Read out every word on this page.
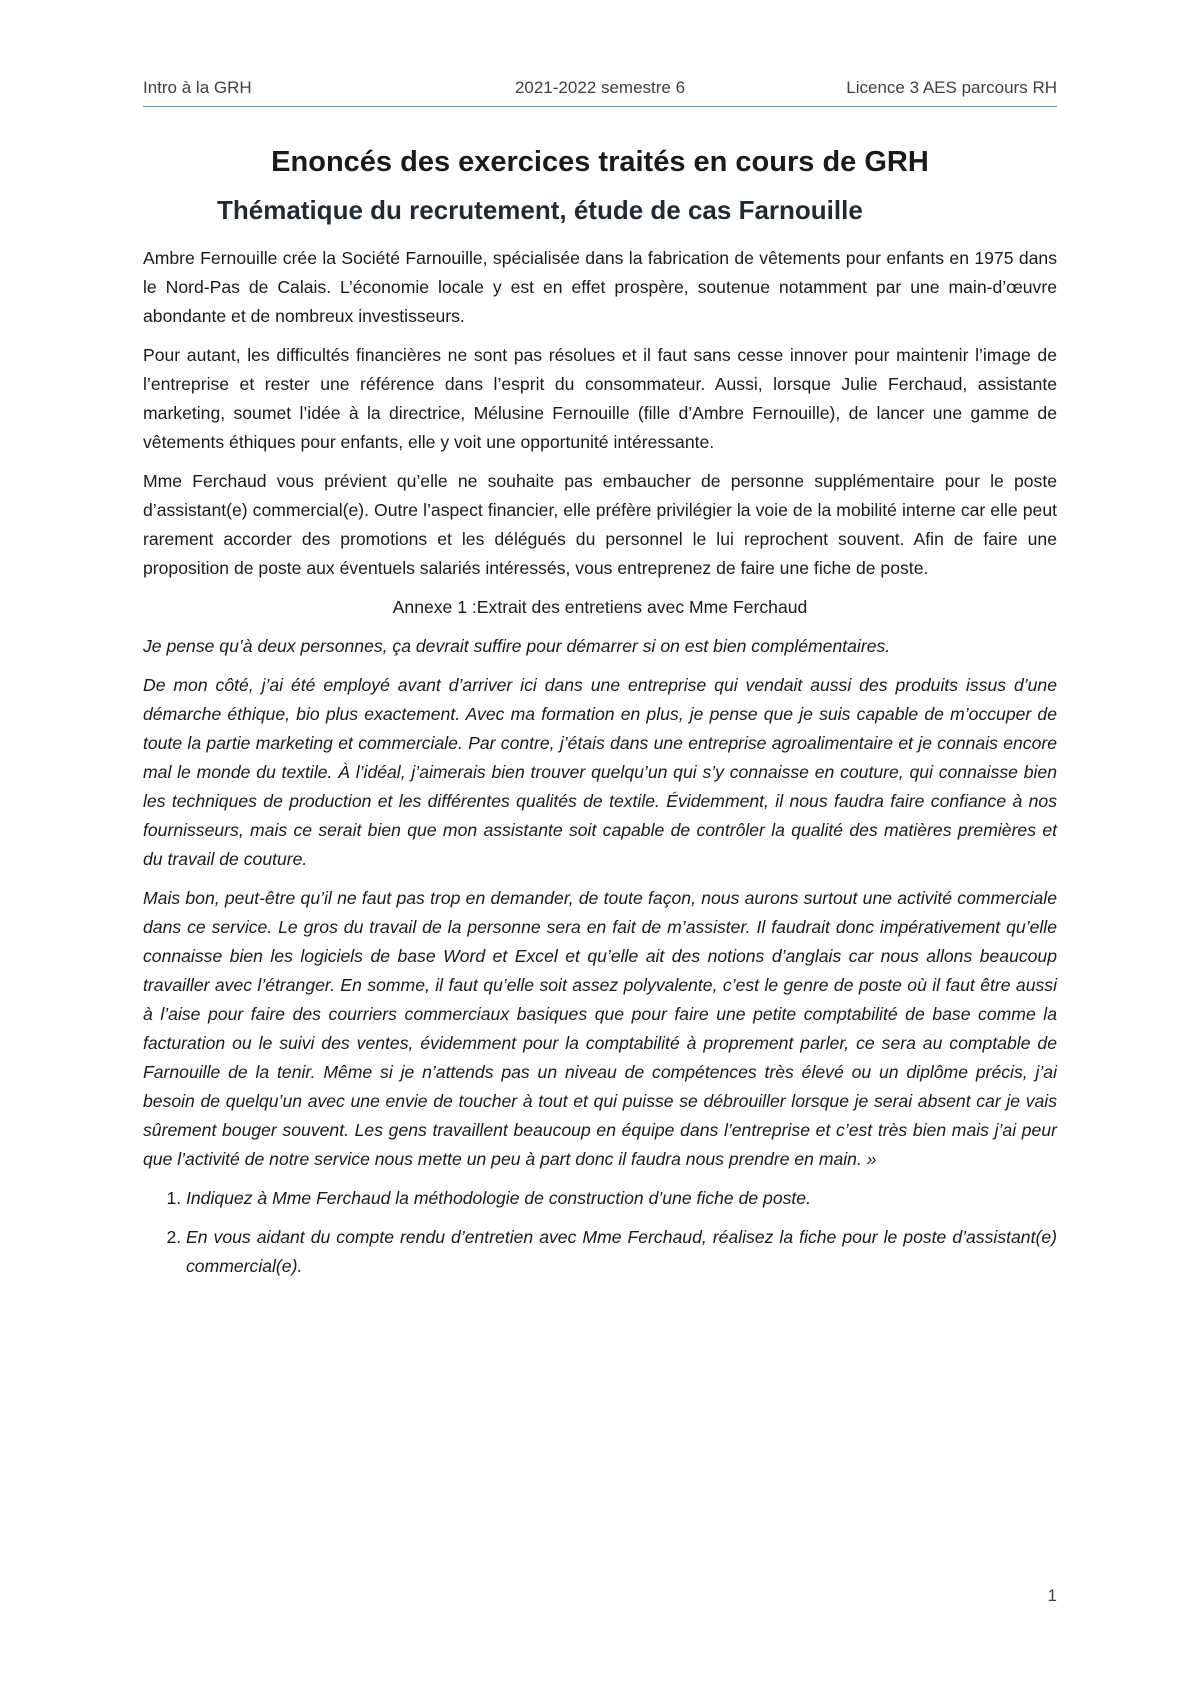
Intro à la GRH	2021-2022 semestre 6	Licence 3 AES parcours RH
Enoncés des exercices traités en cours de GRH
Thématique du recrutement, étude de cas Farnouille

Ambre Fernouille crée la Société Farnouille, spécialisée dans la fabrication de vêtements pour enfants en 1975 dans le Nord-Pas de Calais. L’économie locale y est en effet prospère, soutenue notamment par une main-d’œuvre abondante et de nombreux investisseurs.

Pour autant, les difficultés financières ne sont pas résolues et il faut sans cesse innover pour maintenir l’image de l’entreprise et rester une référence dans l’esprit du consommateur. Aussi, lorsque Julie Ferchaud, assistante marketing, soumet l’idée à la directrice, Mélusine Fernouille (fille d’Ambre Fernouille), de lancer une gamme de vêtements éthiques pour enfants, elle y voit une opportunité intéressante.

Mme Ferchaud vous prévient qu’elle ne souhaite pas embaucher de personne supplémentaire pour le poste d’assistant(e) commercial(e). Outre l’aspect financier, elle préfère privilégier la voie de la mobilité interne car elle peut rarement accorder des promotions et les délégués du personnel le lui reprochent souvent. Afin de faire une proposition de poste aux éventuels salariés intéressés, vous entreprenez de faire une fiche de poste.

Annexe 1 :Extrait des entretiens avec Mme Ferchaud

Je pense qu’à deux personnes, ça devrait suffire pour démarrer si on est bien complémentaires.

De mon côté, j’ai été employé avant d’arriver ici dans une entreprise qui vendait aussi des produits issus d’une démarche éthique, bio plus exactement. Avec ma formation en plus, je pense que je suis capable de m’occuper de toute la partie marketing et commerciale. Par contre, j’étais dans une entreprise agroalimentaire et je connais encore mal le monde du textile. À l’idéal, j’aimerais bien trouver quelqu’un qui s’y connaisse en couture, qui connaisse bien les techniques de production et les différentes qualités de textile. Évidemment, il nous faudra faire confiance à nos fournisseurs, mais ce serait bien que mon assistante soit capable de contrôler la qualité des matières premières et du travail de couture.

Mais bon, peut-être qu’il ne faut pas trop en demander, de toute façon, nous aurons surtout une activité commerciale dans ce service. Le gros du travail de la personne sera en fait de m’assister. Il faudrait donc impérativement qu’elle connaisse bien les logiciels de base Word et Excel et qu’elle ait des notions d’anglais car nous allons beaucoup travailler avec l’étranger. En somme, il faut qu’elle soit assez polyvalente, c’est le genre de poste où il faut être aussi à l’aise pour faire des courriers commerciaux basiques que pour faire une petite comptabilité de base comme la facturation ou le suivi des ventes, évidemment pour la comptabilité à proprement parler, ce sera au comptable de Farnouille de la tenir. Même si je n’attends pas un niveau de compétences très élevé ou un diplôme précis, j’ai besoin de quelqu’un avec une envie de toucher à tout et qui puisse se débrouiller lorsque je serai absent car je vais sûrement bouger souvent. Les gens travaillent beaucoup en équipe dans l’entreprise et c’est très bien mais j’ai peur que l’activité de notre service nous mette un peu à part donc il faudra nous prendre en main. »

1. Indiquez à Mme Ferchaud la méthodologie de construction d’une fiche de poste.
2. En vous aidant du compte rendu d’entretien avec Mme Ferchaud, réalisez la fiche pour le poste d’assistant(e) commercial(e).
1
